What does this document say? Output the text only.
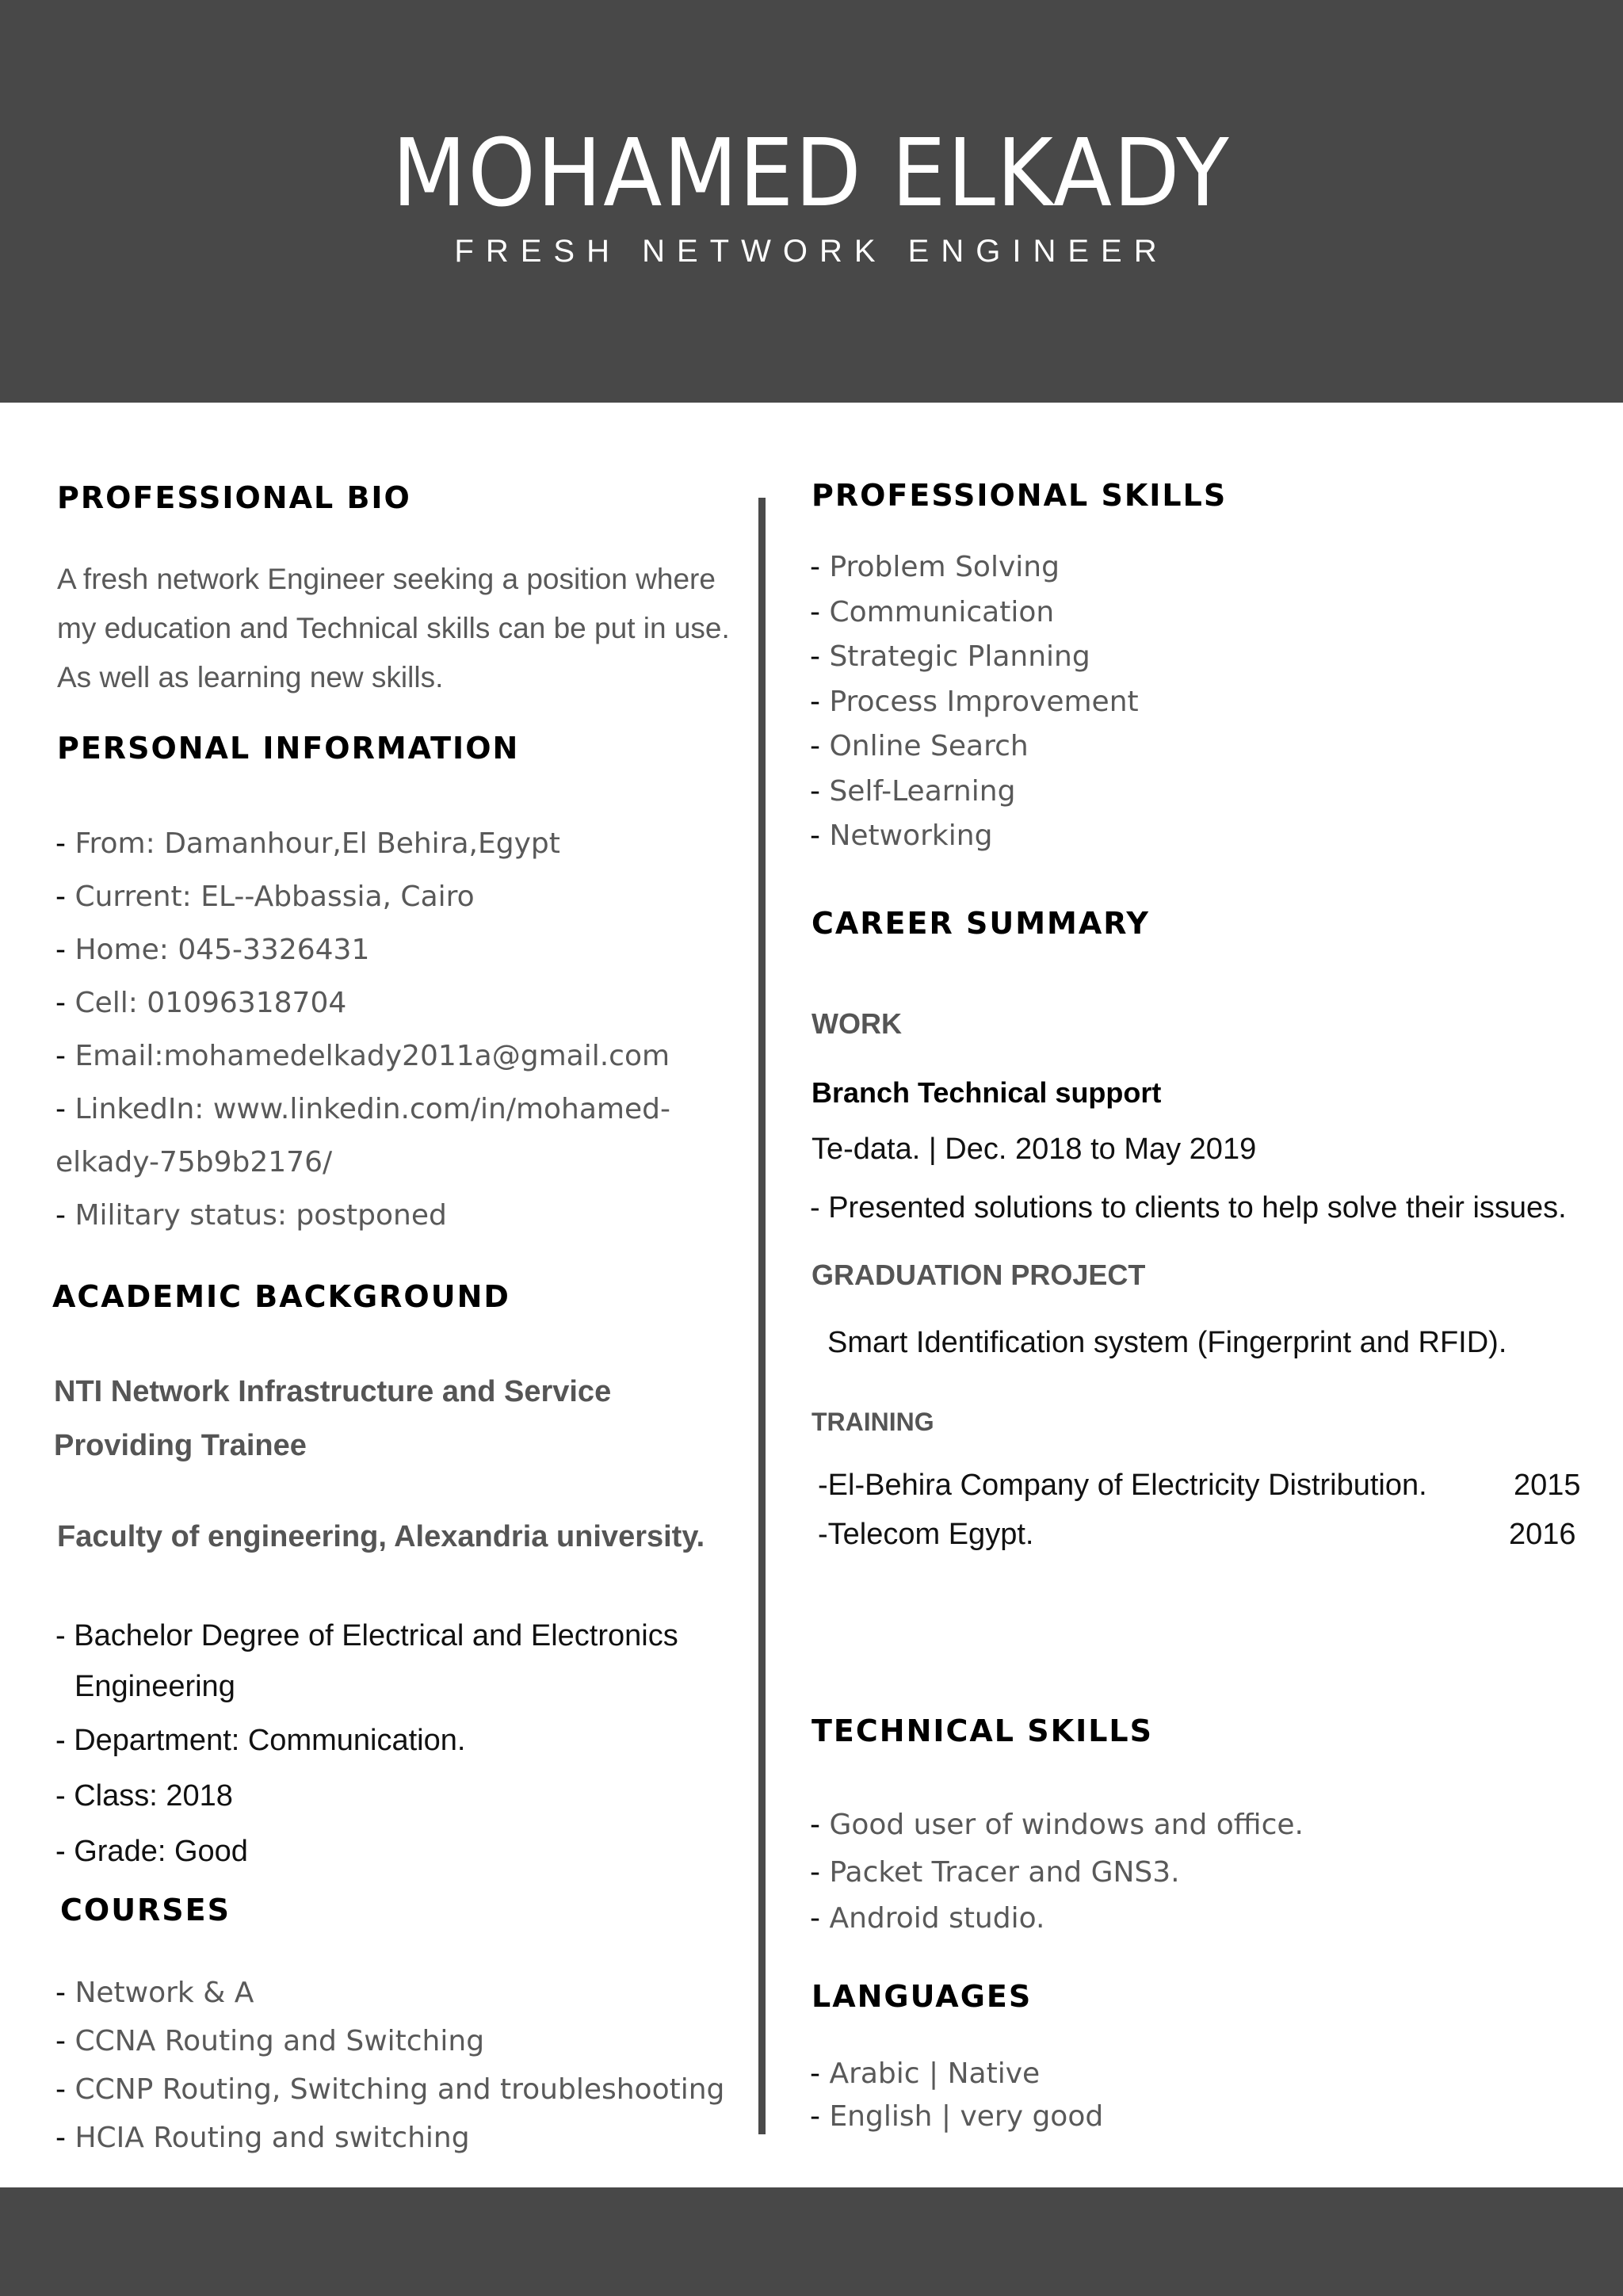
MOHAMED ELKADY
FRESH NETWORK ENGINEER
PROFESSIONAL BIO
A fresh network Engineer seeking a position where
my education and Technical skills can be put in use.
As well as learning new skills.
PERSONAL INFORMATION
- From: Damanhour,El Behira,Egypt
- Current: EL--Abbassia, Cairo
- Home: 045-3326431
- Cell: 01096318704
- Email:mohamedelkady2011a@gmail.com
- LinkedIn: www.linkedin.com/in/mohamed-
elkady-75b9b2176/
- Military status: postponed
ACADEMIC BACKGROUND
NTI Network Infrastructure and Service
Providing Trainee
Faculty of engineering, Alexandria university.
- Bachelor Degree of Electrical and Electronics
Engineering
- Department: Communication.
- Class: 2018
- Grade: Good
COURSES
- Network & A
- CCNA Routing and Switching
- CCNP Routing, Switching and troubleshooting
- HCIA Routing and switching
PROFESSIONAL SKILLS
- Problem Solving
- Communication
- Strategic Planning
- Process Improvement
- Online Search
- Self-Learning
- Networking
CAREER SUMMARY
WORK
Branch Technical support
Te-data. | Dec. 2018 to May 2019
- Presented solutions to clients to help solve their issues.
GRADUATION PROJECT
Smart Identification system (Fingerprint and RFID).
TRAINING
-El-Behira Company of Electricity Distribution.	2015
-Telecom Egypt.	2016
TECHNICAL SKILLS
- Good user of windows and office.
- Packet Tracer and GNS3.
- Android studio.
LANGUAGES
- Arabic | Native
- English | very good
